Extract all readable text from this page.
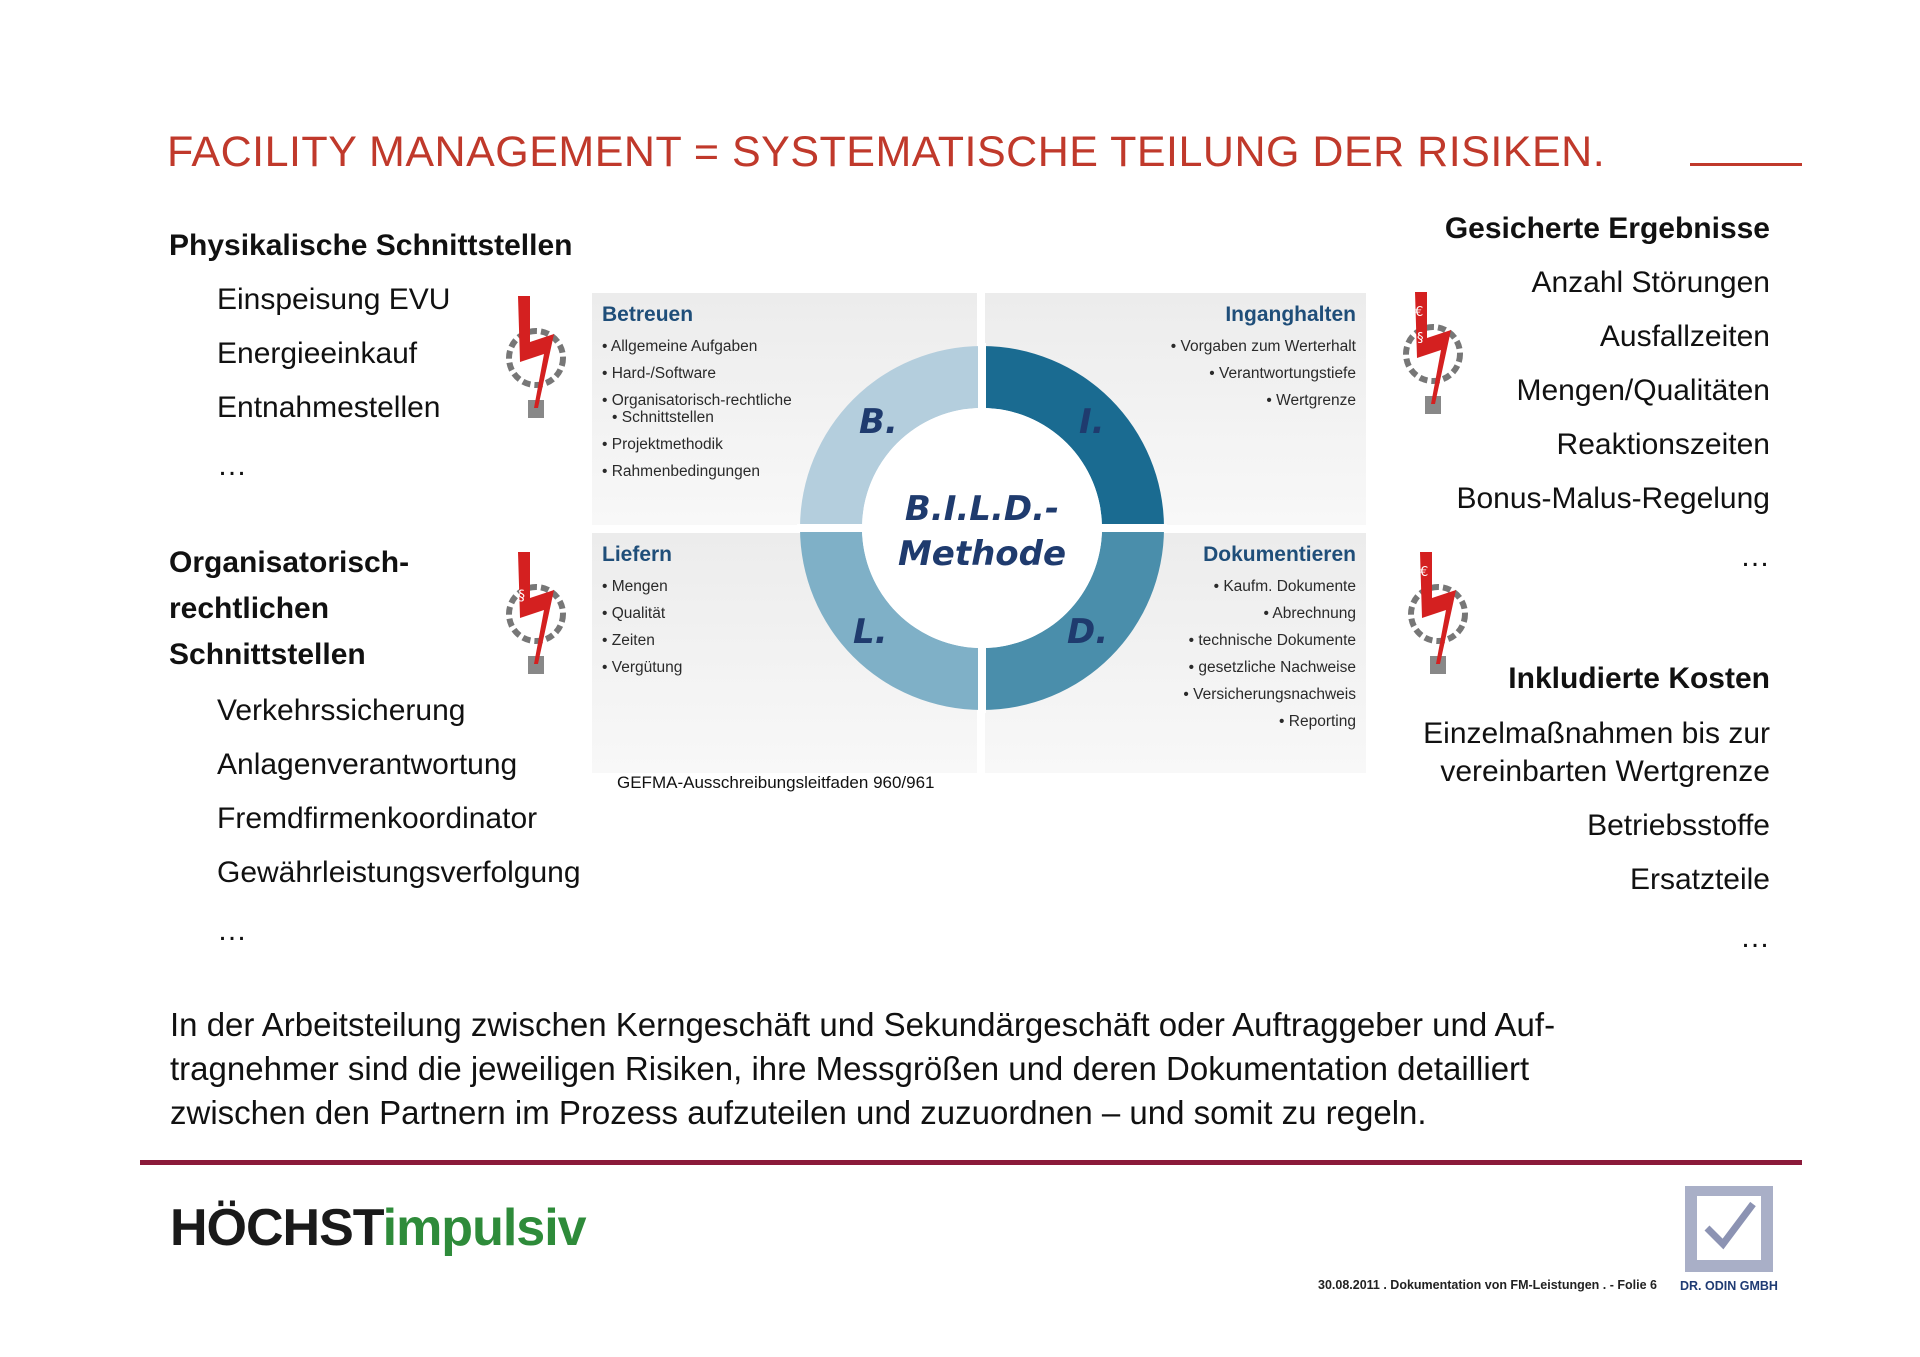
FACILITY MANAGEMENT = SYSTEMATISCHE TEILUNG DER RISIKEN.
Physikalische Schnittstellen
Einspeisung EVU
Energieeinkauf
Entnahmestellen
…
Organisatorisch-
rechtlichen
Schnittstellen
Verkehrssicherung
Anlagenverantwortung
Fremdfirmenkoordinator
Gewährleistungsverfolgung
…
Gesicherte Ergebnisse
Anzahl Störungen
Ausfallzeiten
Mengen/Qualitäten
Reaktionszeiten
Bonus-Malus-Regelung
…
Inkludierte Kosten
Einzelmaßnahmen bis zur
vereinbarten Wertgrenze
Betriebsstoffe
Ersatzteile
…
§
€
§
€
Betreuen
• Allgemeine Aufgaben
• Hard-/Software
• Organisatorisch-rechtliche
• Schnittstellen
• Projektmethodik
• Rahmenbedingungen
Inganghalten
• Vorgaben zum Werterhalt
• Verantwortungstiefe
• Wertgrenze
Liefern
• Mengen
• Qualität
• Zeiten
• Vergütung
Dokumentieren
• Kaufm. Dokumente
• Abrechnung
• technische Dokumente
• gesetzliche Nachweise
• Versicherungsnachweis
• Reporting
B.	I.
L.	D.
B.I.L.D.-
Methode
GEFMA-Ausschreibungsleitfaden 960/961
In der Arbeitsteilung zwischen Kerngeschäft und Sekundärgeschäft oder Auftraggeber und Auf-
tragnehmer sind die jeweiligen Risiken, ihre Messgrößen und deren Dokumentation detailliert
zwischen den Partnern im Prozess aufzuteilen und zuzuordnen – und somit zu regeln.
HÖCHSTimpulsiv
30.08.2011 . Dokumentation von FM-Leistungen . - Folie 6 DR. ODIN GMBH
